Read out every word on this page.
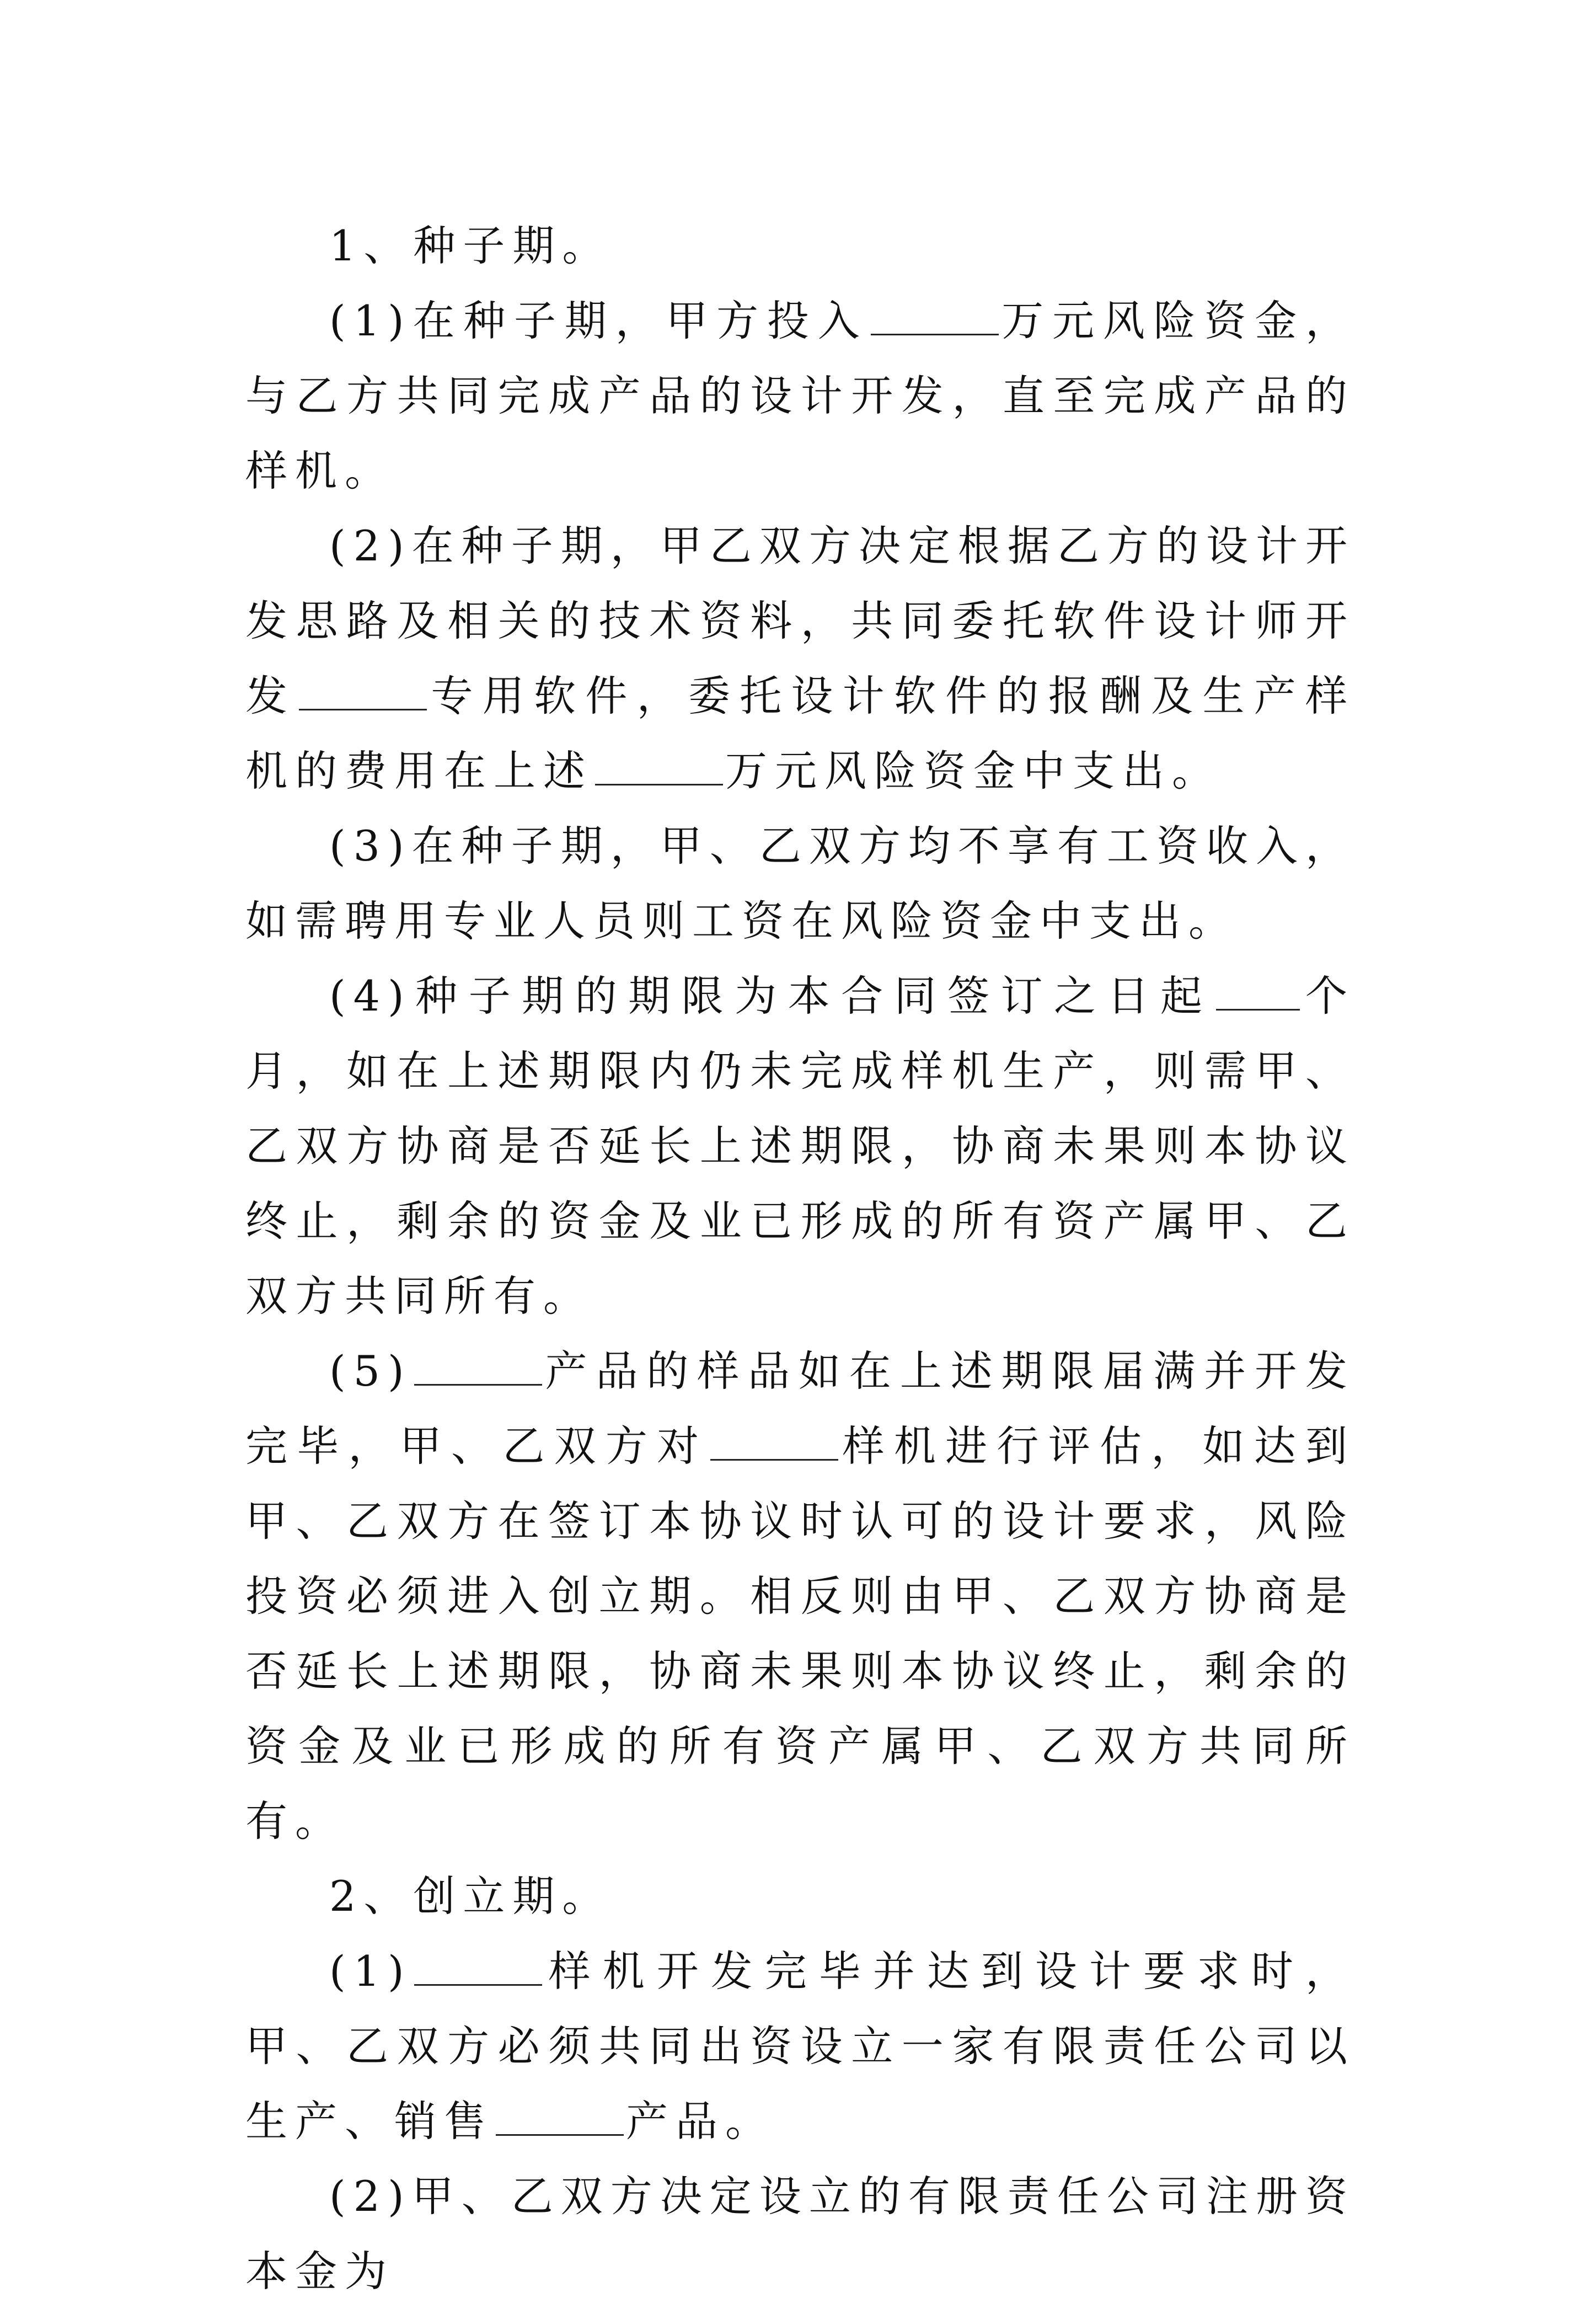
1、种子期。

(1)在种子期，甲方投入	万元风险资金，与乙方共同完成产品的设计开发，直至完成产品的样机。

(2)在种子期，甲乙双方决定根据乙方的设计开发思路及相关的技术资料，共同委托软件设计师开发	专用软件，委托设计软件的报酬及生产样机的费用在上述	万元风险资金中支出。

(3)在种子期，甲、乙双方均不享有工资收入，如需聘用专业人员则工资在风险资金中支出。

(4)种子期的期限为本合同签订之日起 个月，如在上述期限内仍未完成样机生产，则需甲、乙双方协商是否延长上述期限，协商未果则本协议终止，剩余的资金及业已形成的所有资产属甲、乙双方共同所有。

(5)	产品的样品如在上述期限届满并开发完毕，甲、乙双方对	样机进行评估，如达到甲、乙双方在签订本协议时认可的设计要求，风险投资必须进入创立期。相反则由甲、乙双方协商是否延长上述期限，协商未果则本协议终止，剩余的资金及业已形成的所有资产属甲、乙双方共同所有。

2、创立期。

(1)	样机开发完毕并达到设计要求时，甲、乙双方必须共同出资设立一家有限责任公司以生产、销售	产品。

(2)甲、乙双方决定设立的有限责任公司注册资本金为
